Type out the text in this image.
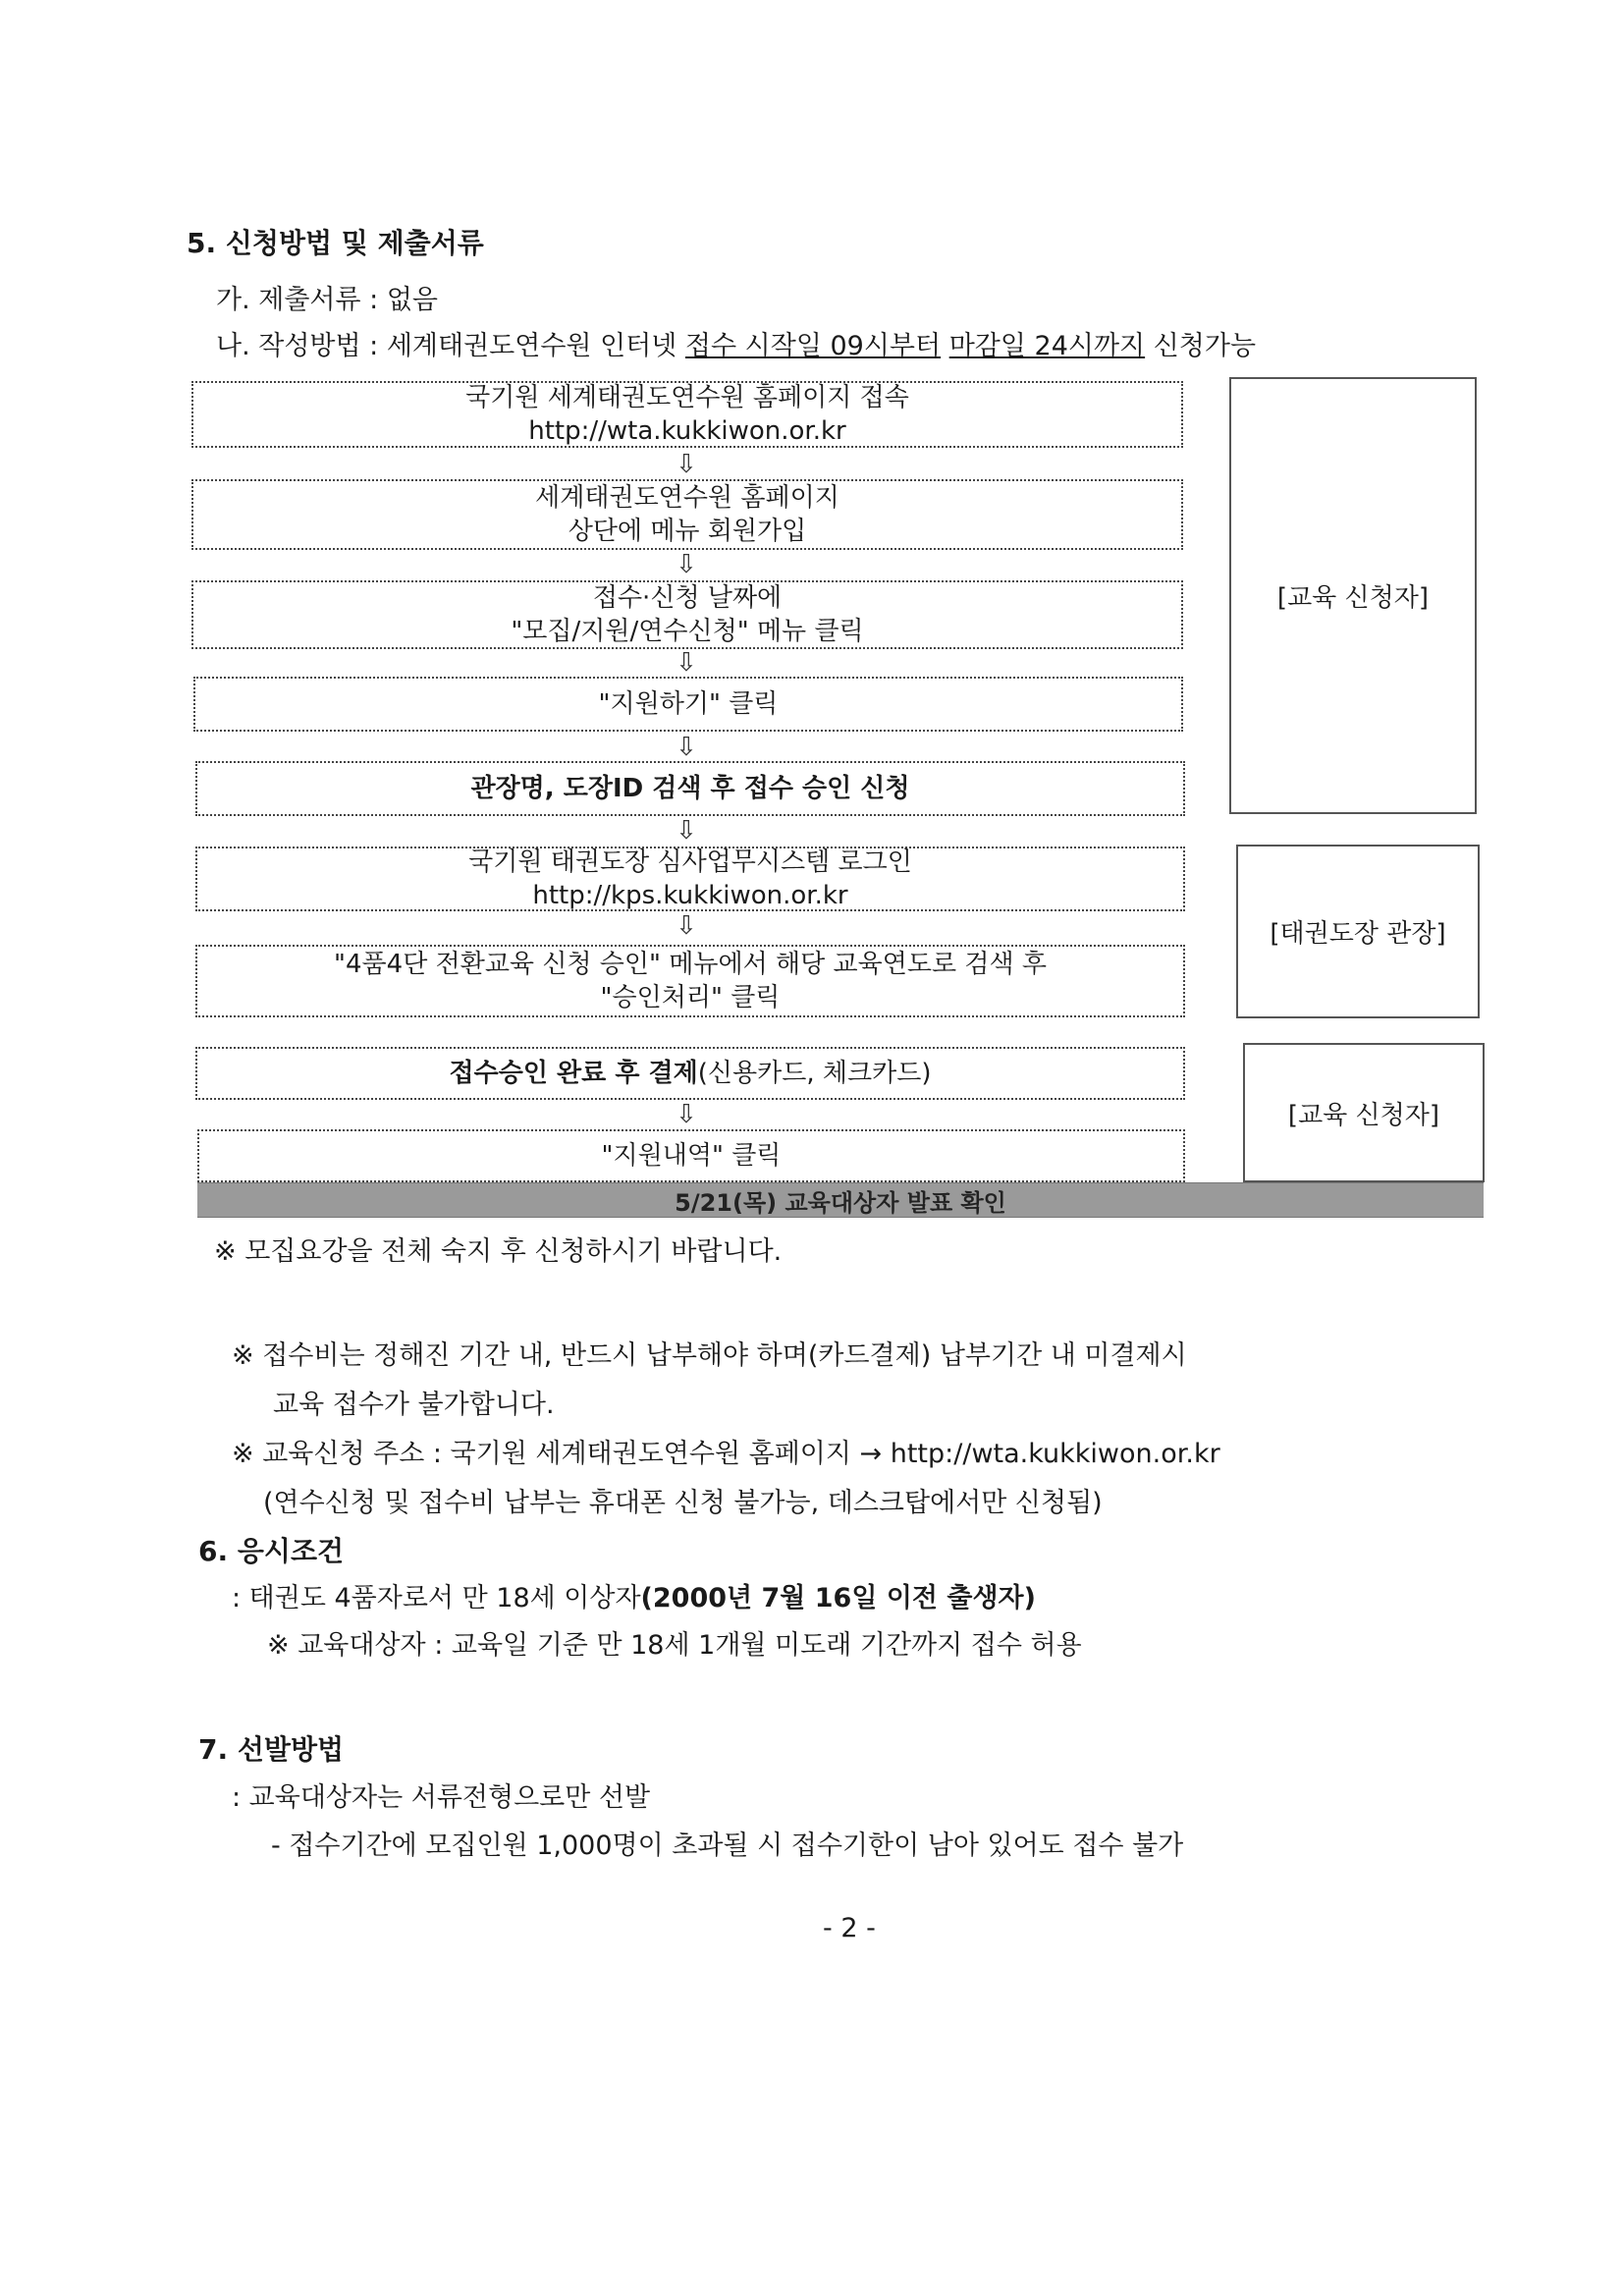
5. 신청방법 및 제출서류
가. 제출서류 : 없음
나. 작성방법 : 세계태권도연수원 인터넷 접수 시작일 09시부터 마감일 24시까지 신청가능
국기원 세계태권도연수원 홈페이지 접속
http://wta.kukkiwon.or.kr
⇩
세계태권도연수원 홈페이지
상단에 메뉴 회원가입
⇩
접수·신청 날짜에
"모집/지원/연수신청" 메뉴 클릭
⇩
"지원하기" 클릭
⇩
관장명, 도장ID 검색 후 접수 승인 신청
⇩
국기원 태권도장 심사업무시스템 로그인
http://kps.kukkiwon.or.kr
⇩
"4품4단 전환교육 신청 승인" 메뉴에서 해당 교육연도로 검색 후
"승인처리" 클릭
접수승인 완료 후 결제(신용카드, 체크카드)
⇩
"지원내역" 클릭
5/21(목) 교육대상자 발표 확인
[교육 신청자]
[태권도장 관장]
[교육 신청자]
※ 모집요강을 전체 숙지 후 신청하시기 바랍니다.
※ 접수비는 정해진 기간 내, 반드시 납부해야 하며(카드결제) 납부기간 내 미결제시
교육 접수가 불가합니다.
※ 교육신청 주소 : 국기원 세계태권도연수원 홈페이지 → http://wta.kukkiwon.or.kr
(연수신청 및 접수비 납부는 휴대폰 신청 불가능, 데스크탑에서만 신청됨)
6. 응시조건
: 태권도 4품자로서 만 18세 이상자(2000년 7월 16일 이전 출생자)
※ 교육대상자 : 교육일 기준 만 18세 1개월 미도래 기간까지 접수 허용
7. 선발방법
: 교육대상자는 서류전형으로만 선발
- 접수기간에 모집인원 1,000명이 초과될 시 접수기한이 남아 있어도 접수 불가
- 2 -
